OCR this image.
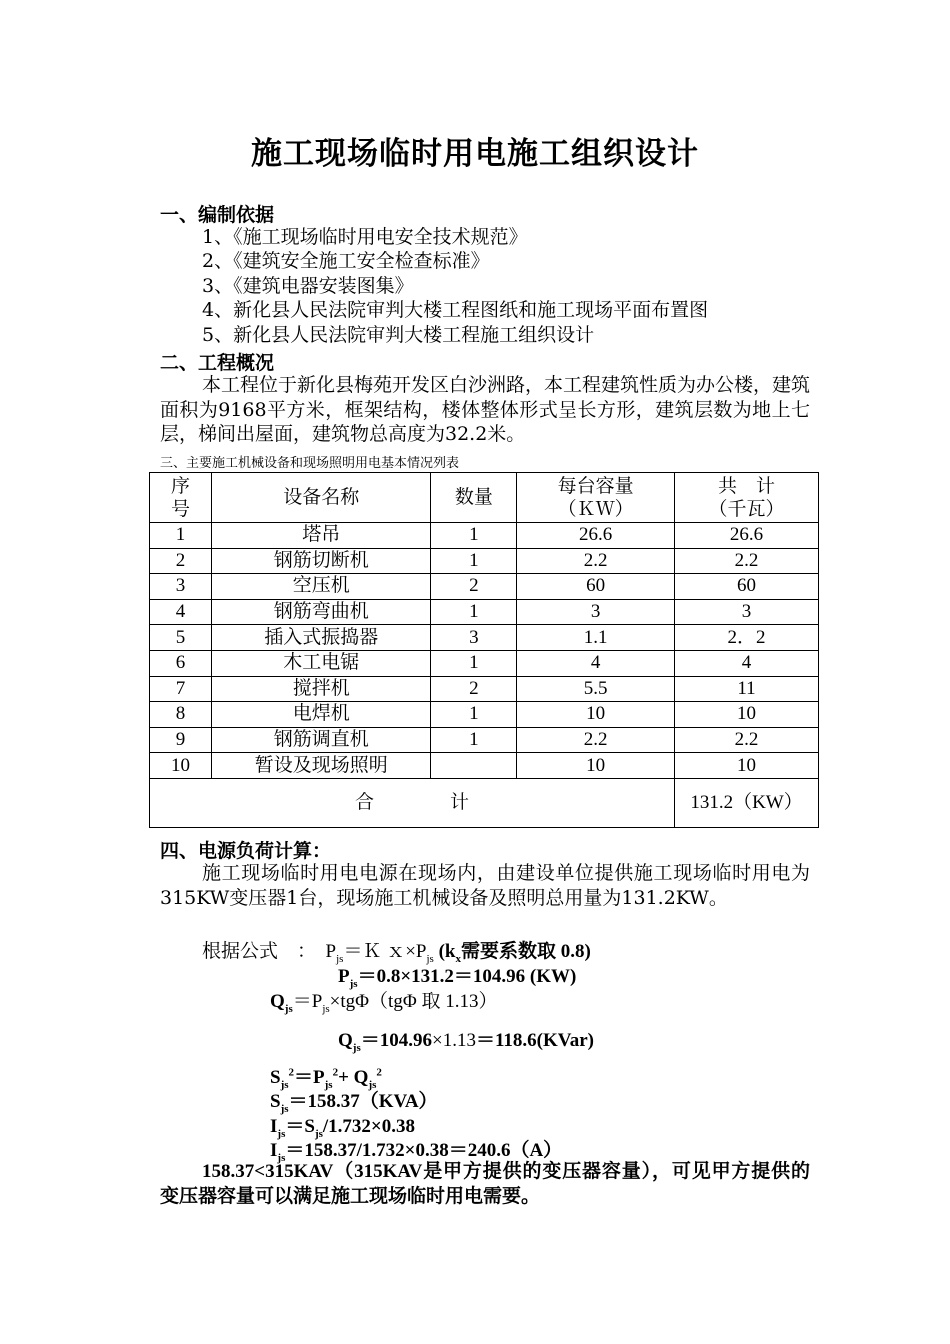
施工现场临时用电施工组织设计
一、编制依据
1、《施工现场临时用电安全技术规范》
2、《建筑安全施工安全检查标准》
3、《建筑电器安装图集》
4、新化县人民法院审判大楼工程图纸和施工现场平面布置图
5、新化县人民法院审判大楼工程施工组织设计
二、工程概况
本工程位于新化县梅苑开发区白沙洲路，本工程建筑性质为办公楼，建筑面积为9168平方米，框架结构，楼体整体形式呈长方形，建筑层数为地上七层，梯间出屋面，建筑物总高度为32.2米。
三、主要施工机械设备和现场照明用电基本情况列表
序号	设备名称	数量	每台容量（ＫＷ）	共　计（千瓦）
1	塔吊	1	26.6	26.6
2	钢筋切断机	1	2.2	2.2
3	空压机	2	60	60
4	钢筋弯曲机	1	3	3
5	插入式振捣器	3	1.1	2．2
6	木工电锯	1	4	4
7	搅拌机	2	5.5	11
8	电焊机	1	10	10
9	钢筋调直机	1	2.2	2.2
10	暂设及现场照明		10	10
合　　　　计				131.2（KW）
四、电源负荷计算：
施工现场临时用电电源在现场内，由建设单位提供施工现场临时用电为315KW变压器1台，现场施工机械设备及照明总用量为131.2KW。
根据公式　：  $P_{js}=K$ $x\times P_{js}$ ($k_x$需要系数取 0.8)
$P_{js}=0.8\times 131.2=104.96$ (KW)
$Q_{js}=P_{js}\times tg\Phi(tg\Phi$ 取 1.13）
$Q_{js}=104.96\times 1.13=118.6(KVar)$
$S_{js}^2=P_{js}^2+ Q_{js}^2$
$S_{js}=158.37(KVA)$
$I_{js}=S_{js}/1.732\times 0.38$
$I_{js}=158.37/1.732\times 0.38=240.6(A)$
158.37<315KAV（315KAV是甲方提供的变压器容量），可见甲方提供的变压器容量可以满足施工现场临时用电需要。
